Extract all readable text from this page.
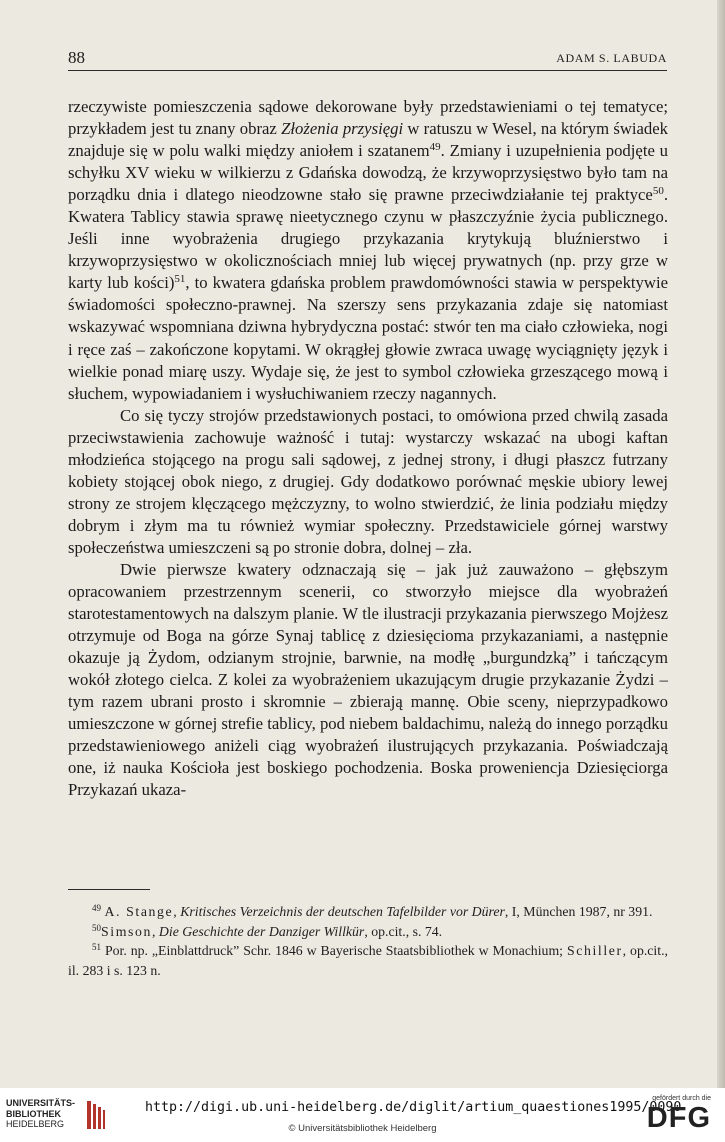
88	ADAM S. LABUDA

rzeczywiste pomieszczenia sądowe dekorowane były przedstawieniami o tej tematyce; przykładem jest tu znany obraz Złożenia przysięgi w ratuszu w Wesel, na którym świadek znajduje się w polu walki między aniołem i szatanem$^{49}$. Zmiany i uzupełnienia podjęte u schyłku XV wieku w wilkierzu z Gdańska dowodzą, że krzywoprzysięstwo było tam na porządku dnia i dlatego nieodzowne stało się prawne przeciwdziałanie tej praktyce$^{50}$. Kwatera Tablicy stawia sprawę nieetycznego czynu w płaszczyźnie życia publicznego. Jeśli inne wyobrażenia drugiego przykazania krytykują bluźnierstwo i krzywoprzysięstwo w okolicznościach mniej lub więcej prywatnych (np. przy grze w karty lub kości)$^{51}$, to kwatera gdańska problem prawdomówności stawia w perspektywie świadomości społeczno-prawnej. Na szerszy sens przykazania zdaje się natomiast wskazywać wspomniana dziwna hybrydyczna postać: stwór ten ma ciało człowieka, nogi i ręce zaś – zakończone kopytami. W okrągłej głowie zwraca uwagę wyciągnięty język i wielkie ponad miarę uszy. Wydaje się, że jest to symbol człowieka grzeszącego mową i słuchem, wypowiadaniem i wysłuchiwaniem rzeczy nagannych.

Co się tyczy strojów przedstawionych postaci, to omówiona przed chwilą zasada przeciwstawienia zachowuje ważność i tutaj: wystarczy wskazać na ubogi kaftan młodzieńca stojącego na progu sali sądowej, z jednej strony, i długi płaszcz futrzany kobiety stojącej obok niego, z drugiej. Gdy dodatkowo porównać męskie ubiory lewej strony ze strojem klęczącego mężczyzny, to wolno stwierdzić, że linia podziału między dobrym i złym ma tu również wymiar społeczny. Przedstawiciele górnej warstwy społeczeństwa umieszczeni są po stronie dobra, dolnej – zła.

Dwie pierwsze kwatery odznaczają się – jak już zauważono – głębszym opracowaniem przestrzennym scenerii, co stworzyło miejsce dla wyobrażeń starotestamentowych na dalszym planie. W tle ilustracji przykazania pierwszego Mojżesz otrzymuje od Boga na górze Synaj tablicę z dziesięcioma przykazaniami, a następnie okazuje ją Żydom, odzianym strojnie, barwnie, na modłę „burgundzką” i tańczącym wokół złotego cielca. Z kolei za wyobrażeniem ukazującym drugie przykazanie Żydzi – tym razem ubrani prosto i skromnie – zbierają mannę. Obie sceny, nieprzypadkowo umieszczone w górnej strefie tablicy, pod niebem baldachimu, należą do innego porządku przedstawieniowego aniżeli ciąg wyobrażeń ilustrujących przykazania. Poświadczają one, iż nauka Kościoła jest boskiego pochodzenia. Boska proweniencja Dziesięciorga Przykazań ukaza-

$^{49}$ A. Stange, Kritisches Verzeichnis der deutschen Tafelbilder vor Dürer, I, München 1987, nr 391.

$^{50}$Simson, Die Geschichte der Danziger Willkür, op.cit., s. 74.

$^{51}$ Por. np. „Einblattdruck” Schr. 1846 w Bayerische Staatsbibliothek w Monachium; Schiller, op.cit., il. 283 i s. 123 n.

UNIVERSITÄTS-
BIBLIOTHEK
HEIDELBERG
http://digi.ub.uni-heidelberg.de/diglit/artium_quaestiones1995/0090
© Universitätsbibliothek Heidelberg
gefördert durch die
DFG
